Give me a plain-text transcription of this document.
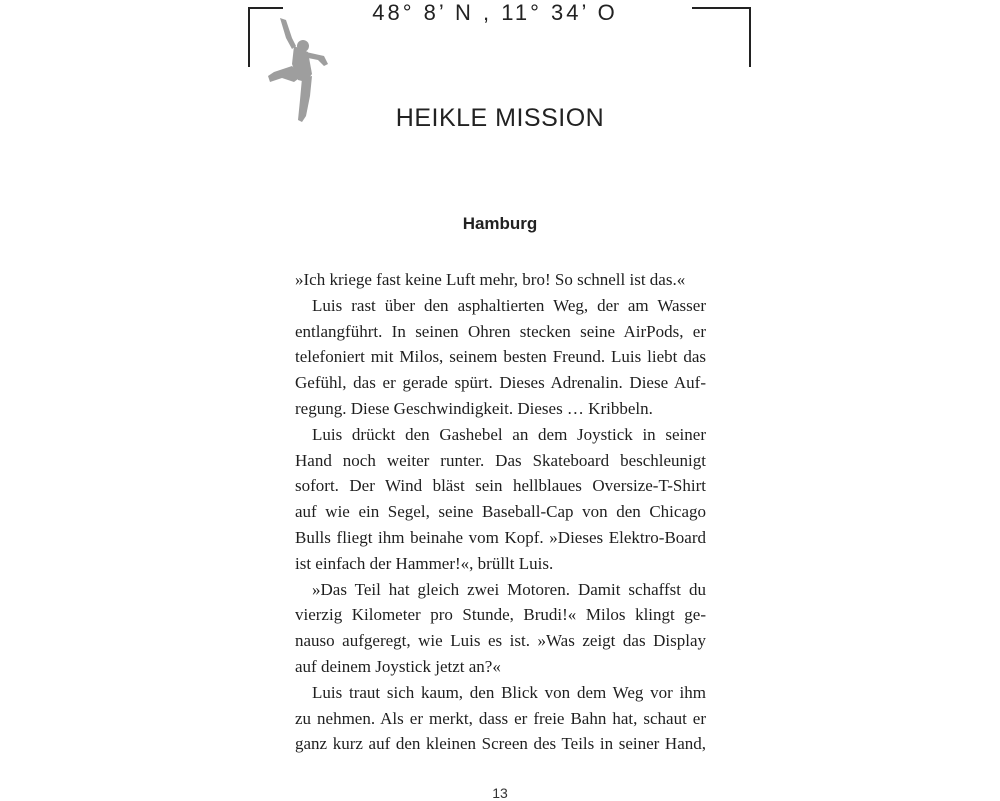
48° 8’ N , 11° 34’ O
HEIKLE MISSION
Hamburg
»Ich kriege fast keine Luft mehr, bro! So schnell ist das.«
Luis rast über den asphaltierten Weg, der am Wasser
entlangführt. In seinen Ohren stecken seine AirPods, er
telefoniert mit Milos, seinem besten Freund. Luis liebt das
Gefühl, das er gerade spürt. Dieses Adrenalin. Diese Auf-
regung. Diese Geschwindigkeit. Dieses … Kribbeln.
Luis drückt den Gashebel an dem Joystick in seiner
Hand noch weiter runter. Das Skateboard beschleunigt
sofort. Der Wind bläst sein hellblaues Oversize-T-Shirt
auf wie ein Segel, seine Baseball-Cap von den Chicago
Bulls fliegt ihm beinahe vom Kopf. »Dieses Elektro-Board
ist einfach der Hammer!«, brüllt Luis.
»Das Teil hat gleich zwei Motoren. Damit schaffst du
vierzig Kilometer pro Stunde, Brudi!« Milos klingt ge-
nauso aufgeregt, wie Luis es ist. »Was zeigt das Display
auf deinem Joystick jetzt an?«
Luis traut sich kaum, den Blick von dem Weg vor ihm
zu nehmen. Als er merkt, dass er freie Bahn hat, schaut er
ganz kurz auf den kleinen Screen des Teils in seiner Hand,
13
